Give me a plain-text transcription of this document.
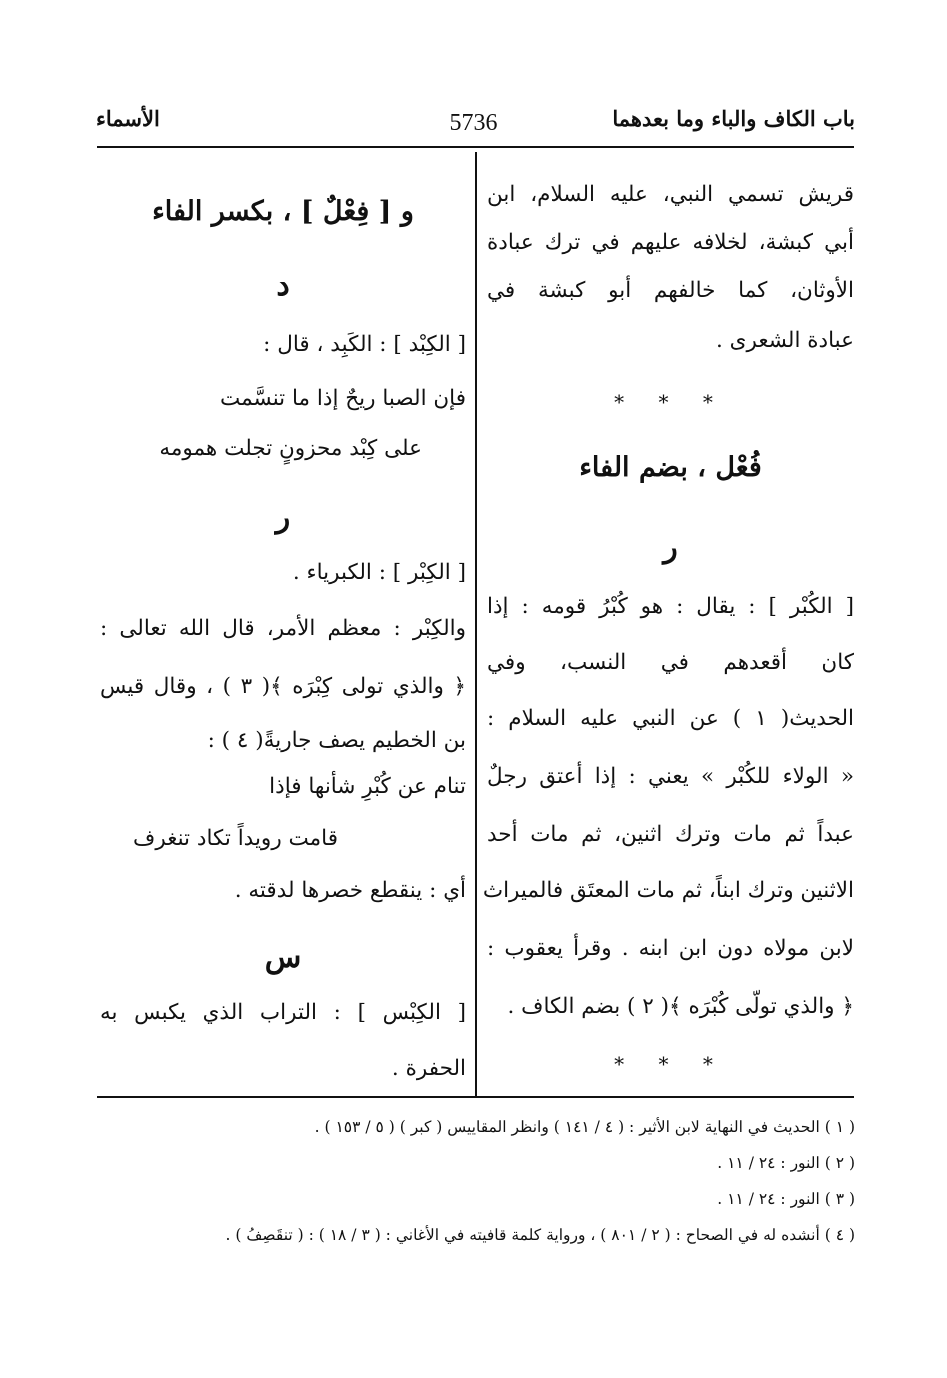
باب الكاف والباء وما بعدهما
5736
الأسماء
قريش تسمي النبي، عليه السلام، ابن
أبي كبشة، لخلافه عليهم في ترك عبادة
الأوثان، كما خالفهم أبو كبشة في
عبادة الشعرى .
* * *
فُعْل ، بضم الفاء
ر
[ الكُبْر ] : يقال : هو كُبْرُ قومه : إذا
كان أقعدهم في النسب، وفي
الحديث( ١ ) عن النبي عليه السلام :
« الولاء للكُبْر » يعني : إذا أعتق رجلٌ
عبداً ثم مات وترك اثنين، ثم مات أحد
الاثنين وترك ابناً، ثم مات المعتَق فالميراث
لابن مولاه دون ابن ابنه . وقرأ يعقوب :
﴿ والذي تولّى كُبْرَه ﴾( ٢ ) بضم الكاف .
* * *
و [ فِعْلٌ ] ، بكسر الفاء
د
[ الكِبْد ] : الكَبِد ، قال :
فإن الصبا ريحٌ إذا ما تنسَّمت
على كِبْد محزونٍ تجلت همومه
ر
[ الكِبْر ] : الكبرياء .
والكِبْر : معظم الأمر، قال الله تعالى :
﴿ والذي تولى كِبْرَه ﴾( ٣ ) ، وقال قيس
بن الخطيم يصف جاريةً( ٤ ) :
تنام عن كُبْرِ شأنها فإذا
قامت رويداً تكاد تنغرف
أي : ينقطع خصرها لدقته .
س
[ الكِبْس ] : التراب الذي يكبس به
الحفرة .
( ١ ) الحديث في النهاية لابن الأثير : ( ٤ / ١٤١ ) وانظر المقاييس ( كبر ) ( ٥ / ١٥٣ ) .
( ٢ ) النور : ٢٤ / ١١ .
( ٣ ) النور : ٢٤ / ١١ .
( ٤ ) أنشده له في الصحاح : ( ٢ / ٨٠١ ) ، ورواية كلمة قافيته في الأغاني : ( ٣ / ١٨ ) : ( تنقَصِفُ ) .
